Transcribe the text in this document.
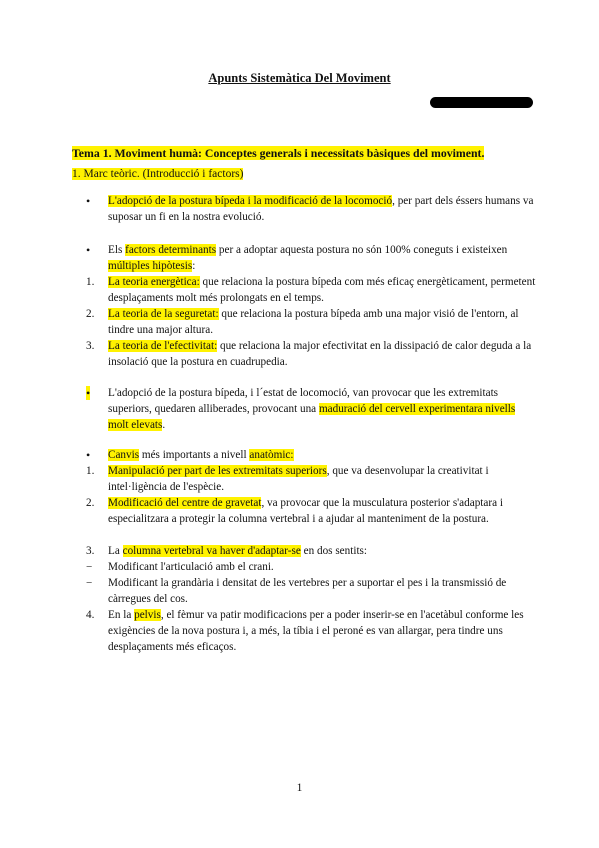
Apunts Sistemàtica Del Moviment
Tema 1. Moviment humà: Conceptes generals i necessitats bàsiques del moviment.
1. Marc teòric. (Introducció i factors)
•	L'adopció de la postura bípeda i la modificació de la locomoció, per part dels éssers humans va suposar un fi en la nostra evolució.
•	Els factors determinants per a adoptar aquesta postura no són 100% coneguts i existeixen múltiples hipòtesis:
1.	La teoria energètica: que relaciona la postura bípeda com més eficaç energèticament, permetent desplaçaments molt més prolongats en el temps.
2.	La teoria de la seguretat: que relaciona la postura bípeda amb una major visió de l'entorn, al tindre una major altura.
3.	La teoria de l'efectivitat: que relaciona la major efectivitat en la dissipació de calor deguda a la insolació que la postura en cuadrupedia.
•	L'adopció de la postura bípeda, i l´estat de locomoció, van provocar que les extremitats superiors, quedaren alliberades, provocant una maduració del cervell experimentara nivells molt elevats.
•	Canvis més importants a nivell anatòmic:
1.	Manipulació per part de les extremitats superiors, que va desenvolupar la creativitat i intel·ligència de l'espècie.
2.	Modificació del centre de gravetat, va provocar que la musculatura posterior s'adaptara i especialitzara a protegir la columna vertebral i a ajudar al manteniment de la postura.
3.	La columna vertebral va haver d'adaptar-se en dos sentits:
−	Modificant l'articulació amb el crani.
−	Modificant la grandària i densitat de les vertebres per a suportar el pes i la transmissió de càrregues del cos.
4.	En la pelvis, el fèmur va patir modificacions per a poder inserir-se en l'acetàbul conforme les exigències de la nova postura i, a més, la tíbia i el peroné es van allargar, pera tindre uns desplaçaments més eficaços.
1
